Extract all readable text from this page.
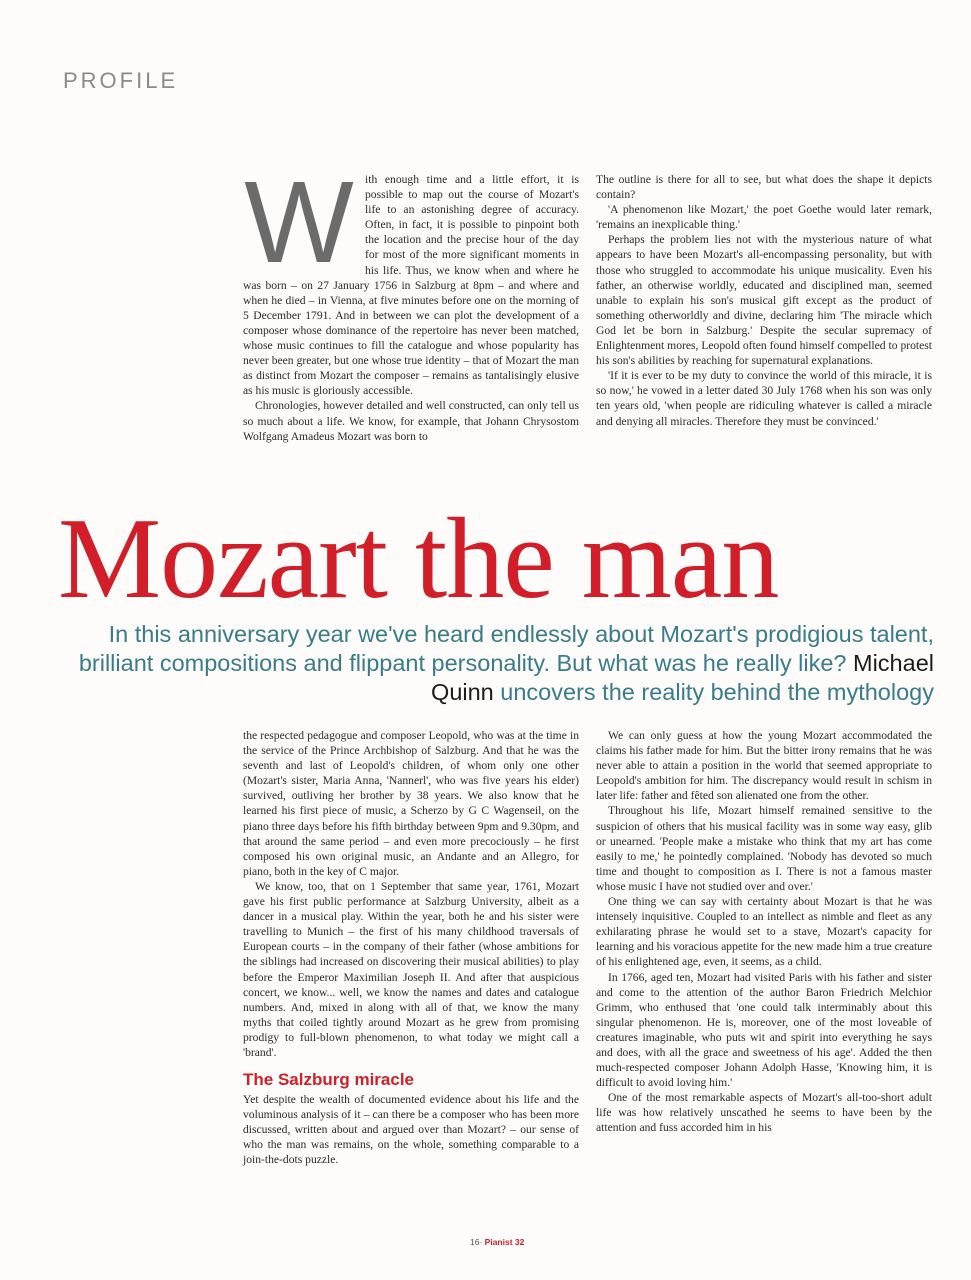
PROFILE
W ith enough time and a little effort, it is possible to map out the course of Mozart's life to an astonishing degree of accuracy. Often, in fact, it is possible to pinpoint both the location and the precise hour of the day for most of the more significant moments in his life. Thus, we know when and where he was born – on 27 January 1756 in Salzburg at 8pm – and where and when he died – in Vienna, at five minutes before one on the morning of 5 December 1791. And in between we can plot the development of a composer whose dominance of the repertoire has never been matched, whose music continues to fill the catalogue and whose popularity has never been greater, but one whose true identity – that of Mozart the man as distinct from Mozart the composer – remains as tantalisingly elusive as his music is gloriously accessible.

Chronologies, however detailed and well constructed, can only tell us so much about a life. We know, for example, that Johann Chrysostom Wolfgang Amadeus Mozart was born to

The outline is there for all to see, but what does the shape it depicts contain?

'A phenomenon like Mozart,' the poet Goethe would later remark, 'remains an inexplicable thing.'

Perhaps the problem lies not with the mysterious nature of what appears to have been Mozart's all-encompassing personality, but with those who struggled to accommodate his unique musicality. Even his father, an otherwise worldly, educated and disciplined man, seemed unable to explain his son's musical gift except as the product of something otherworldly and divine, declaring him 'The miracle which God let be born in Salzburg.' Despite the secular supremacy of Enlightenment mores, Leopold often found himself compelled to protest his son's abilities by reaching for supernatural explanations.

'If it is ever to be my duty to convince the world of this miracle, it is so now,' he vowed in a letter dated 30 July 1768 when his son was only ten years old, 'when people are ridiculing whatever is called a miracle and denying all miracles. Therefore they must be convinced.'

Mozart the man
In this anniversary year we've heard endlessly about Mozart's prodigious talent, brilliant compositions and flippant personality. But what was he really like? Michael Quinn uncovers the reality behind the mythology

the respected pedagogue and composer Leopold, who was at the time in the service of the Prince Archbishop of Salzburg. And that he was the seventh and last of Leopold's children, of whom only one other (Mozart's sister, Maria Anna, 'Nannerl', who was five years his elder) survived, outliving her brother by 38 years. We also know that he learned his first piece of music, a Scherzo by G C Wagenseil, on the piano three days before his fifth birthday between 9pm and 9.30pm, and that around the same period – and even more precociously – he first composed his own original music, an Andante and an Allegro, for piano, both in the key of C major.

We know, too, that on 1 September that same year, 1761, Mozart gave his first public performance at Salzburg University, albeit as a dancer in a musical play. Within the year, both he and his sister were travelling to Munich – the first of his many childhood traversals of European courts – in the company of their father (whose ambitions for the siblings had increased on discovering their musical abilities) to play before the Emperor Maximilian Joseph II. And after that auspicious concert, we know... well, we know the names and dates and catalogue numbers. And, mixed in along with all of that, we know the many myths that coiled tightly around Mozart as he grew from promising prodigy to full-blown phenomenon, to what today we might call a 'brand'.

The Salzburg miracle

Yet despite the wealth of documented evidence about his life and the voluminous analysis of it – can there be a composer who has been more discussed, written about and argued over than Mozart? – our sense of who the man was remains, on the whole, something comparable to a join-the-dots puzzle.

We can only guess at how the young Mozart accommodated the claims his father made for him. But the bitter irony remains that he was never able to attain a position in the world that seemed appropriate to Leopold's ambition for him. The discrepancy would result in schism in later life: father and fêted son alienated one from the other.

Throughout his life, Mozart himself remained sensitive to the suspicion of others that his musical facility was in some way easy, glib or unearned. 'People make a mistake who think that my art has come easily to me,' he pointedly complained. 'Nobody has devoted so much time and thought to composition as I. There is not a famous master whose music I have not studied over and over.'

One thing we can say with certainty about Mozart is that he was intensely inquisitive. Coupled to an intellect as nimble and fleet as any exhilarating phrase he would set to a stave, Mozart's capacity for learning and his voracious appetite for the new made him a true creature of his enlightened age, even, it seems, as a child.

In 1766, aged ten, Mozart had visited Paris with his father and sister and come to the attention of the author Baron Friedrich Melchior Grimm, who enthused that 'one could talk interminably about this singular phenomenon. He is, moreover, one of the most loveable of creatures imaginable, who puts wit and spirit into everything he says and does, with all the grace and sweetness of his age'. Added the then much-respected composer Johann Adolph Hasse, 'Knowing him, it is difficult to avoid loving him.'

One of the most remarkable aspects of Mozart's all-too-short adult life was how relatively unscathed he seems to have been by the attention and fuss accorded him in his

16· Pianist 32
